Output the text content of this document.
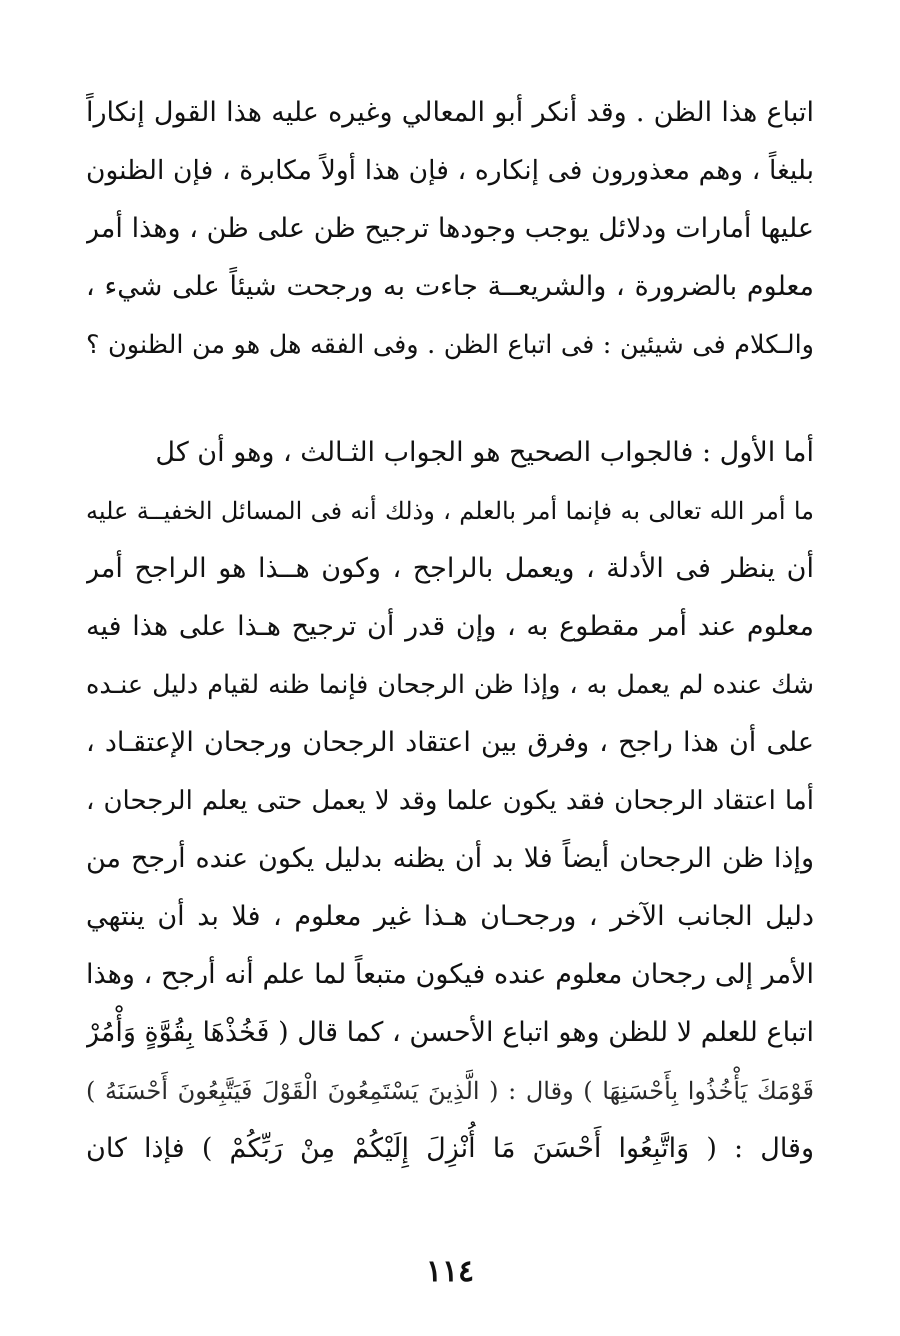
اتباع هذا الظن . وقد أنكر أبو المعالي وغيره عليه هذا القول إنكاراً
بليغاً ، وهم معذورون فى إنكاره ، فإن هذا أولاً مكابرة ، فإن الظنون
عليها أمارات ودلائل يوجب وجودها ترجيح ظن على ظن ، وهذا أمر
معلوم بالضرورة ، والشريعــة جاءت به ورجحت شيئاً على شيء ،
والـكلام فى شيئين : فى اتباع الظن . وفى الفقه هل هو من الظنون ؟
أما الأول : فالجواب الصحيح هو الجواب الثـالث ، وهو أن كل
ما أمر الله تعالى به فإنما أمر بالعلم ، وذلك أنه فى المسائل الخفيــة عليه
أن ينظر فى الأدلة ، ويعمل بالراجح ، وكون هــذا هو الراجح أمر
معلوم عند أمر مقطوع به ، وإن قدر أن ترجيح هـذا على هذا فيه
شك عنده لم يعمل به ، وإذا ظن الرجحان فإنما ظنه لقيام دليل عنـده
على أن هذا راجح ، وفرق بين اعتقاد الرجحان ورجحان الإعتقـاد ،
أما اعتقاد الرجحان فقد يكون علما وقد لا يعمل حتى يعلم الرجحان ،
وإذا ظن الرجحان أيضاً فلا بد أن يظنه بدليل يكون عنده أرجح من
دليل الجانب الآخر ، ورجحـان هـذا غير معلوم ، فلا بد أن ينتهي
الأمر إلى رجحان معلوم عنده فيكون متبعاً لما علم أنه أرجح ، وهذا
اتباع للعلم لا للظن وهو اتباع الأحسن ، كما قال ( فَخُذْهَا بِقُوَّةٍ وَأْمُرْ
قَوْمَكَ يَأْخُذُوا بِأَحْسَنِهَا ) وقال : ( الَّذِينَ يَسْتَمِعُونَ الْقَوْلَ فَيَتَّبِعُونَ أَحْسَنَهُ )
وقال : ( وَاتَّبِعُوا أَحْسَنَ مَا أُنْزِلَ إِلَيْكُمْ مِنْ رَبِّكُمْ ) فإذا كان
١١٤
